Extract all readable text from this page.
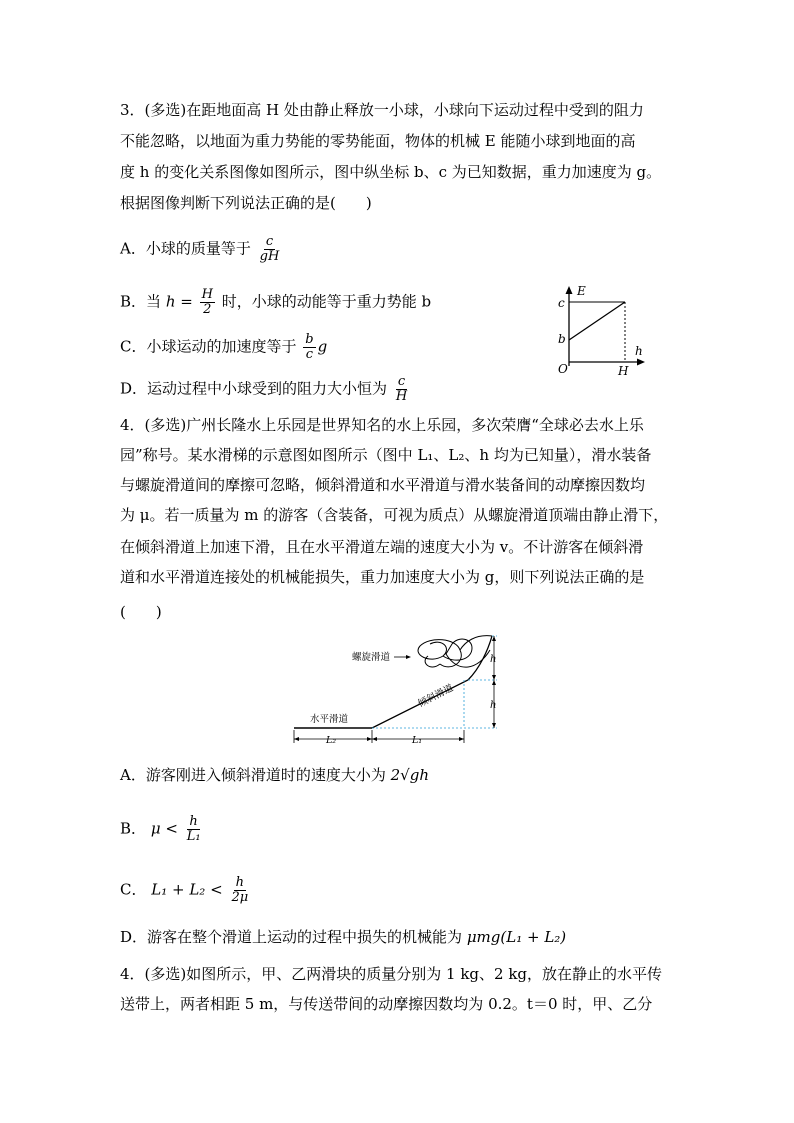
3．(多选)在距地面高 H 处由静止释放一小球，小球向下运动过程中受到的阻力
不能忽略，以地面为重力势能的零势能面，物体的机械 E 能随小球到地面的高
度 h 的变化关系图像如图所示，图中纵坐标 b、c 为已知数据，重力加速度为 g。
根据图像判断下列说法正确的是(　　)
A．小球的质量等于 $\frac{c}{gH}$
B．当 $h = \frac{H}{2}$ 时，小球的动能等于重力势能 b
C．小球运动的加速度等于 $\frac{b}{c}$ g
D．运动过程中小球受到的阻力大小恒为 $\frac{c}{H}$
E
c
b
O	H
h
4．(多选)广州长隆水上乐园是世界知名的水上乐园，多次荣膺“全球必去水上乐
园”称号。某水滑梯的示意图如图所示（图中 L₁、L₂、h 均为已知量），滑水装备
与螺旋滑道间的摩擦可忽略，倾斜滑道和水平滑道与滑水装备间的动摩擦因数均
为 μ。若一质量为 m 的游客（含装备，可视为质点）从螺旋滑道顶端由静止滑下，
在倾斜滑道上加速下滑，且在水平滑道左端的速度大小为 v。不计游客在倾斜滑
道和水平滑道连接处的机械能损失，重力加速度大小为 g，则下列说法正确的是
(　　)
螺旋滑道
倾斜滑道
水平滑道
h
h
L₂	L₁
A．游客刚进入倾斜滑道时的速度大小为 2√gh
B． $\mu < \frac{h}{\text{L₁}}$
C． $L_1 + L_2 < \frac{h}{2\mu}$
D．游客在整个滑道上运动的过程中损失的机械能为 μmg(L₁ + L₂)
4．(多选)如图所示，甲、乙两滑块的质量分别为 1 kg、2 kg，放在静止的水平传
送带上，两者相距 5 m，与传送带间的动摩擦因数均为 0.2。t＝0 时，甲、乙分
